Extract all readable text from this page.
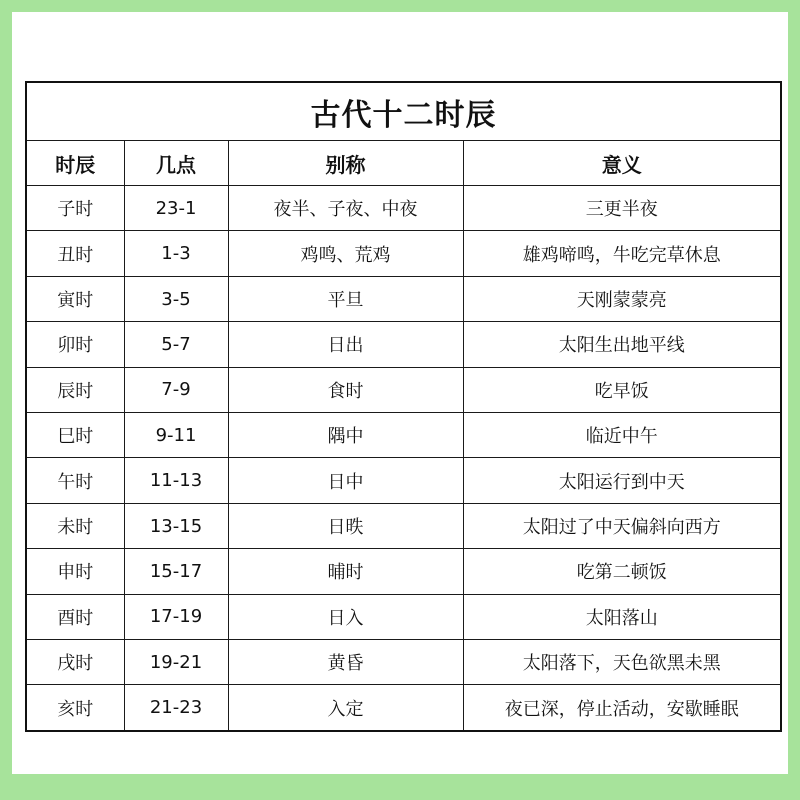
古代十二时辰			
时辰	几点	别称	意义
子时	23-1	夜半、子夜、中夜	三更半夜
丑时	1-3	鸡鸣、荒鸡	雄鸡啼鸣，牛吃完草休息
寅时	3-5	平旦	天刚蒙蒙亮
卯时	5-7	日出	太阳生出地平线
辰时	7-9	食时	吃早饭
巳时	9-11	隅中	临近中午
午时	11-13	日中	太阳运行到中天
未时	13-15	日昳	太阳过了中天偏斜向西方
申时	15-17	晡时	吃第二顿饭
酉时	17-19	日入	太阳落山
戌时	19-21	黄昏	太阳落下，天色欲黑未黑
亥时	21-23	入定	夜已深，停止活动，安歇睡眠
